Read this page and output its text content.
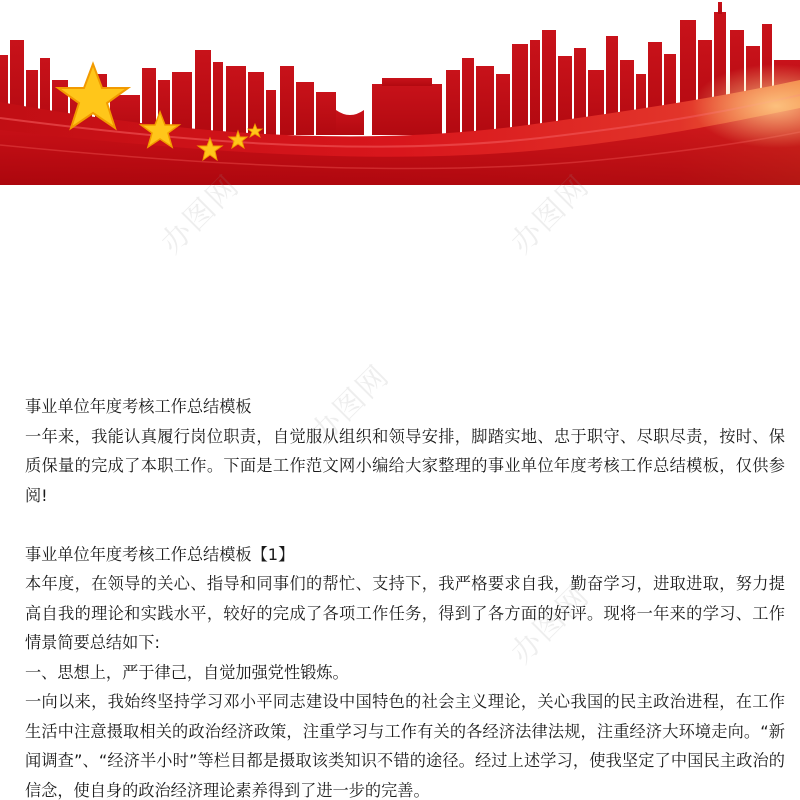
办图网	办图网
办图网
办图网

事业单位年度考核工作总结模板

一年来，我能认真履行岗位职责，自觉服从组织和领导安排，脚踏实地、忠于职守、尽职尽责，按时、保质保量的完成了本职工作。下面是工作范文网小编给大家整理的事业单位年度考核工作总结模板，仅供参阅!

事业单位年度考核工作总结模板【1】

本年度，在领导的关心、指导和同事们的帮忙、支持下，我严格要求自我，勤奋学习，进取进取，努力提高自我的理论和实践水平，较好的完成了各项工作任务，得到了各方面的好评。现将一年来的学习、工作情景简要总结如下:

一、思想上，严于律己，自觉加强党性锻炼。

一向以来，我始终坚持学习邓小平同志建设中国特色的社会主义理论，关心我国的民主政治进程，在工作生活中注意摄取相关的政治经济政策，注重学习与工作有关的各经济法律法规，注重经济大环境走向。“新闻调查”、“经济半小时”等栏目都是摄取该类知识不错的途径。经过上述学习，使我坚定了中国民主政治的信念，使自身的政治经济理论素养得到了进一步的完善。
